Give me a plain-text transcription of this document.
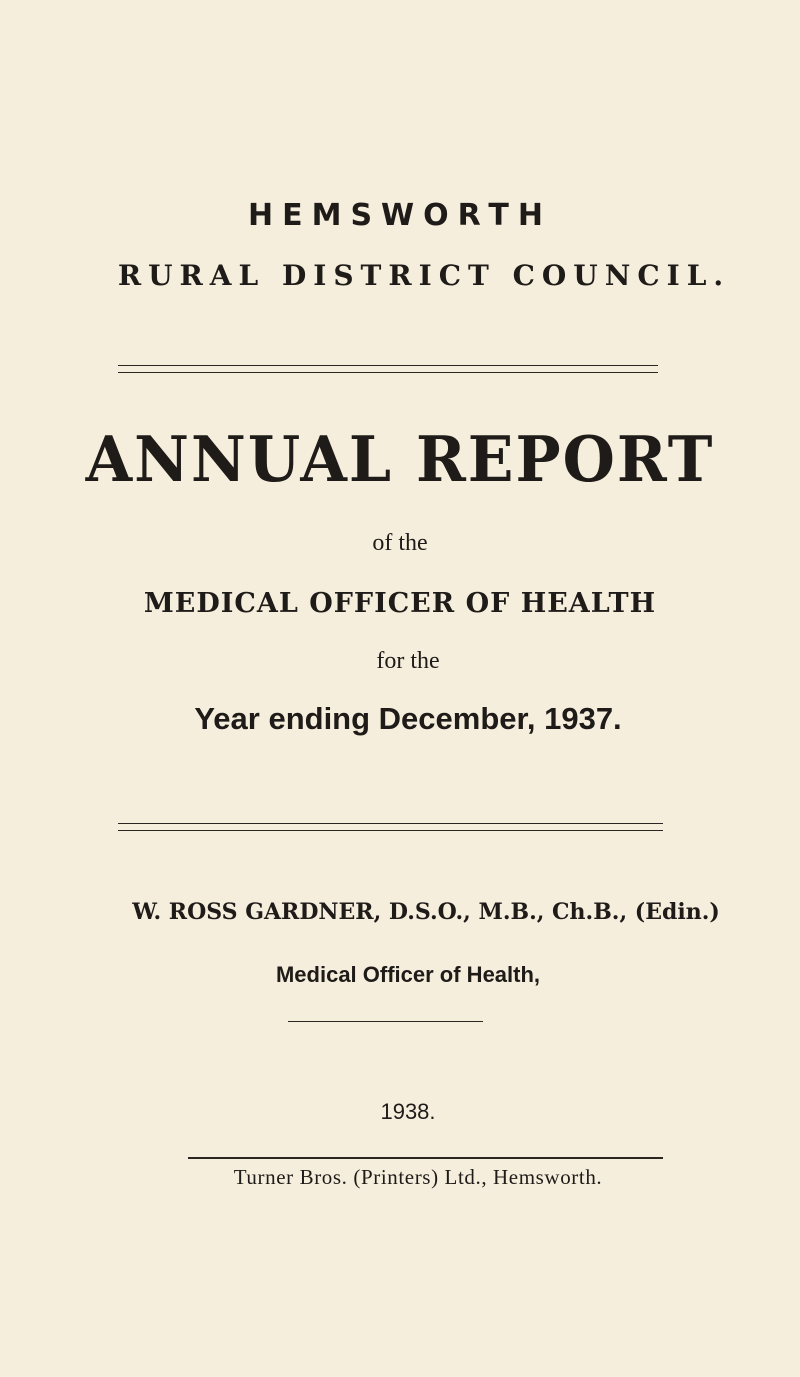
HEMSWORTH
RURAL DISTRICT COUNCIL.
ANNUAL REPORT
of the
MEDICAL OFFICER OF HEALTH
for the
Year ending December, 1937.
W. ROSS GARDNER, D.S.O., M.B., Ch.B., (Edin.)
Medical Officer of Health,
1938.
Turner Bros. (Printers) Ltd., Hemsworth.
